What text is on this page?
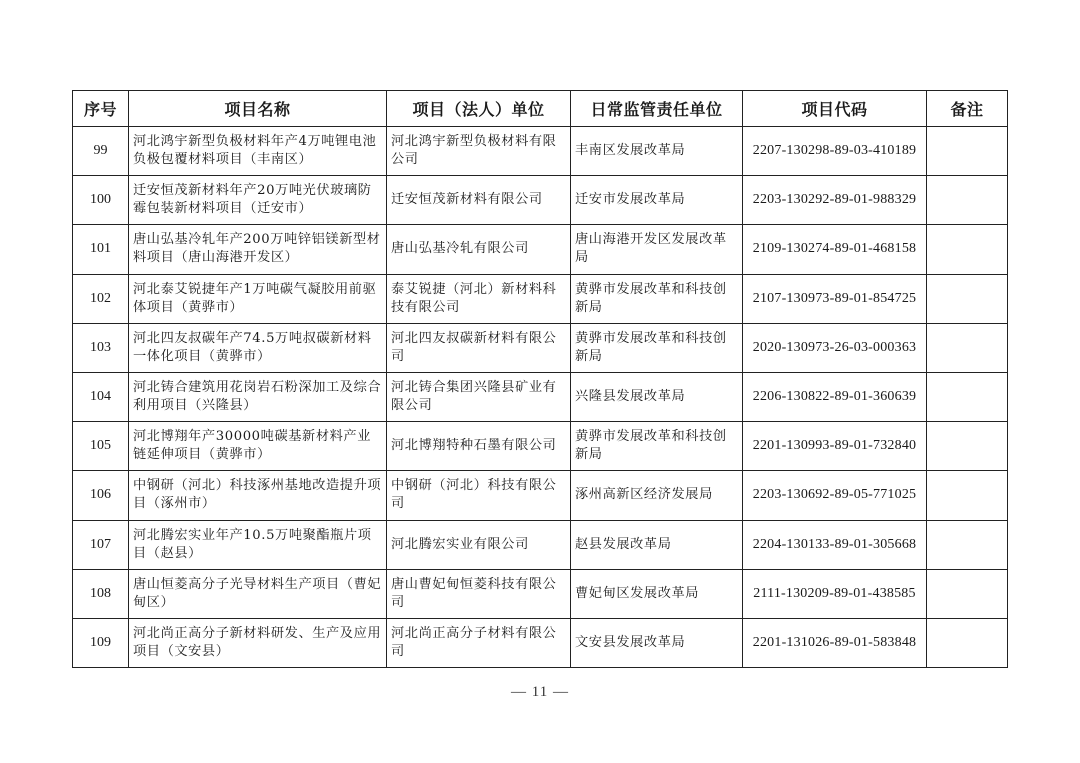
序号	项目名称	项目（法人）单位	日常监管责任单位	项目代码	备注
99	河北鸿宇新型负极材料年产4万吨锂电池负极包覆材料项目（丰南区）	河北鸿宇新型负极材料有限公司	丰南区发展改革局	2207-130298-89-03-410189	
100	迁安恒茂新材料年产20万吨光伏玻璃防霉包装新材料项目（迁安市）	迁安恒茂新材料有限公司	迁安市发展改革局	2203-130292-89-01-988329	
101	唐山弘基冷轧年产200万吨锌铝镁新型材料项目（唐山海港开发区）	唐山弘基冷轧有限公司	唐山海港开发区发展改革局	2109-130274-89-01-468158	
102	河北泰艾锐捷年产1万吨碳气凝胶用前驱体项目（黄骅市）	泰艾锐捷（河北）新材料科技有限公司	黄骅市发展改革和科技创新局	2107-130973-89-01-854725	
103	河北四友叔碳年产74.5万吨叔碳新材料一体化项目（黄骅市）	河北四友叔碳新材料有限公司	黄骅市发展改革和科技创新局	2020-130973-26-03-000363	
104	河北铸合建筑用花岗岩石粉深加工及综合利用项目（兴隆县）	河北铸合集团兴隆县矿业有限公司	兴隆县发展改革局	2206-130822-89-01-360639	
105	河北博翔年产30000吨碳基新材料产业链延伸项目（黄骅市）	河北博翔特种石墨有限公司	黄骅市发展改革和科技创新局	2201-130993-89-01-732840	
106	中钢研（河北）科技涿州基地改造提升项目（涿州市）	中钢研（河北）科技有限公司	涿州高新区经济发展局	2203-130692-89-05-771025	
107	河北腾宏实业年产10.5万吨聚酯瓶片项目（赵县）	河北腾宏实业有限公司	赵县发展改革局	2204-130133-89-01-305668	
108	唐山恒菱高分子光导材料生产项目（曹妃甸区）	唐山曹妃甸恒菱科技有限公司	曹妃甸区发展改革局	2111-130209-89-01-438585	
109	河北尚正高分子新材料研发、生产及应用项目（文安县）	河北尚正高分子材料有限公司	文安县发展改革局	2201-131026-89-01-583848	
— 11 —
